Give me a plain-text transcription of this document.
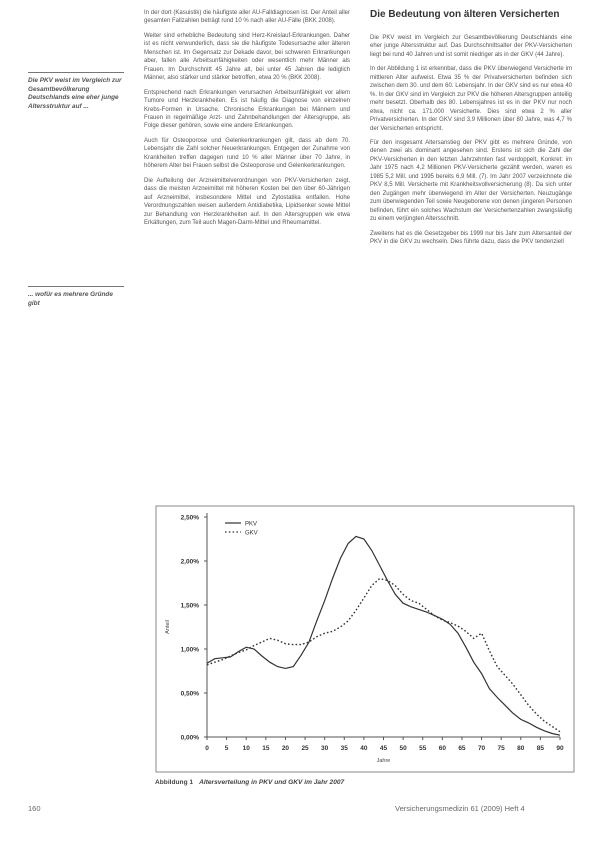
Die PKV weist im Vergleich zur Gesamtbevölkerung Deutschlands eine eher junge Altersstruktur auf ...
... wofür es mehrere Gründe gibt

In der dort (Kasuistik) die häufigste aller AU-Falldiagnosen ist. Der Anteil aller gesamten Fallzahlen beträgt rund 10 % nach aller AU-Fälle (BKK 2008).

Weiter sind erhebliche Bedeutung sind Herz-Kreislauf-Erkrankungen. Daher ist es nicht verwunderlich, dass sie die häufigste Todesursache aller älteren Menschen ist. Im Gegensatz zur Dekade davor, bei schweren Erkrankungen aber, fallen alle Arbeitsunfähigkeiten oder wesentlich mehr Männer als Frauen. Im Durchschnitt 45 Jahre alt, bei unter 45 Jahren die lediglich Männer, also stärker und stärker betroffen, etwa 20 % (BKK 2008).

Entsprechend nach Erkrankungen verursachen Arbeitsunfähigkeit vor allem Tumore und Herzkrankheiten. Es ist häufig die Diagnose von einzelnen Krebs-Formen in Ursache. Chronische Erkrankungen bei Männern und Frauen in regelmäßige Arzt- und Zahnbehandlungen der Altersgruppe, als Folge dieser gehören, sowie eine andere Erkrankungen.

Auch für Osteoporose und Gelenkerkrankungen gilt, dass ab dem 70. Lebensjahr die Zahl solcher Neuerkrankungen. Entgegen der Zunahme von Krankheiten treffen dagegen rund 10 % aller Männer über 70 Jahre, in höherem Alter bei Frauen selbst die Osteoporose und Gelenkerkrankungen.

Die Aufteilung der Arzneimittelverordnungen von PKV-Versicherten zeigt, dass die meisten Arzneimittel mit höheren Kosten bei den über 60-Jährigen auf Arzneimittel, insbesondere Mittel und Zytostatika entfallen. Hohe Verordnungszahlen weisen außerdem Antidiabetika, Lipidsenker sowie Mittel zur Behandlung von Herzkrankheiten auf. In den Altersgruppen wie etwa Erkältungen, zum Teil auch Magen-Darm-Mittel und Rheumamittel.

Die Bedeutung von älteren Versicherten

Die PKV weist im Vergleich zur Gesamtbevölkerung Deutschlands eine eher junge Altersstruktur auf. Das Durchschnittsalter der PKV-Versicherten liegt bei rund 40 Jahren und ist somit niedriger als in der GKV (44 Jahre).

In der Abbildung 1 ist erkennbar, dass die PKV überwiegend Versicherte im mittleren Alter aufweist. Etwa 35 % der Privatversicherten befinden sich zwischen dem 30. und dem 60. Lebensjahr. In der GKV sind es nur etwa 40 %. In der GKV sind im Vergleich zur PKV die höheren Altersgruppen anteilig mehr besetzt. Oberhalb des 80. Lebensjahres ist es in der PKV nur noch etwa, nicht ca. 171.000 Versicherte. Dies sind etwa 2 % aller Privatversicherten. In der GKV sind 3,9 Millionen über 80 Jahre, was 4,7 % der Versicherten entspricht.

Für den insgesamt Altersanstieg der PKV gibt es mehrere Gründe, von denen zwei als dominant angesehen sind. Erstens ist sich die Zahl der PKV-Versicherten in den letzten Jahrzehnten fast verdoppelt, Konkret: im Jahr 1975 nach 4,2 Millionen PKV-Versicherte gezählt werden, waren es 1985 5,2 Mill. und 1995 bereits 6,9 Mill. (7). Im Jahr 2007 verzeichnete die PKV 8,5 Mill. Versicherte mit Krankheitsvollversicherung (8). Da sich unter den Zugängen mehr überwiegend im Alter der Versicherten. Neuzugänge zum überwiegenden Teil sowie Neugeborene von denen jüngeren Personen befinden, führt ein solches Wachstum der Versichertenzahlen zwangsläufig zu einem verjüngten Altersschnitt.

Zweitens hat es die Gesetzgeber bis 1999 nur bis Jahr zum Altersanteil der PKV in die GKV zu wechseln. Dies führte dazu, dass die PKV tendenziell

0,00%
0,50%
1,00%
1,50%
2,00%
2,50%
0 5 10 15 20 25 30 35 40 45 50 55 60 65 70 75 80 85 90
Jahre
Anteil
PKV
GKV
Abbildung 1 Altersverteilung in PKV und GKV im Jahr 2007
160	Versicherungsmedizin 61 (2009) Heft 4
